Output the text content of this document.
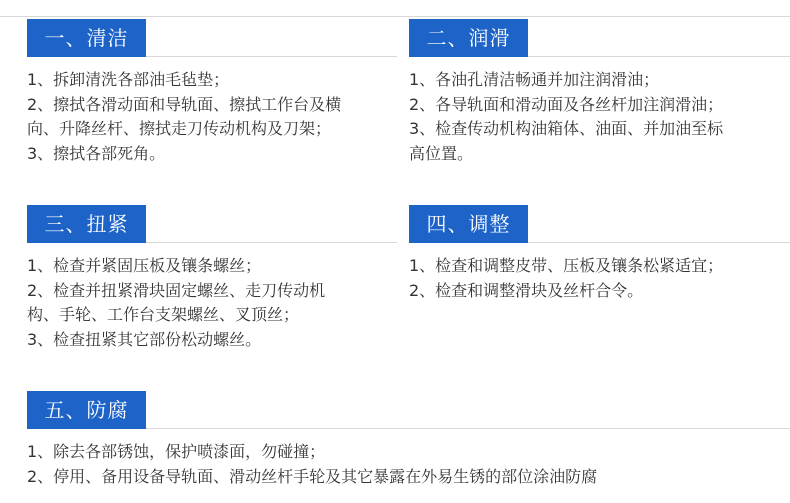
一、清洁
1、拆卸清洗各部油毛毡垫；
2、擦拭各滑动面和导轨面、擦拭工作台及横
向、升降丝杆、擦拭走刀传动机构及刀架；
3、擦拭各部死角。
二、润滑
1、各油孔清洁畅通并加注润滑油；
2、各导轨面和滑动面及各丝杆加注润滑油；
3、检查传动机构油箱体、油面、并加油至标
高位置。
三、扭紧
1、检查并紧固压板及镶条螺丝；
2、检查并扭紧滑块固定螺丝、走刀传动机
构、手轮、工作台支架螺丝、叉顶丝；
3、检查扭紧其它部份松动螺丝。
四、调整
1、检查和调整皮带、压板及镶条松紧适宜；
2、检查和调整滑块及丝杆合令。
五、防腐
1、除去各部锈蚀，保护喷漆面，勿碰撞；
2、停用、备用设备导轨面、滑动丝杆手轮及其它暴露在外易生锈的部位涂油防腐
